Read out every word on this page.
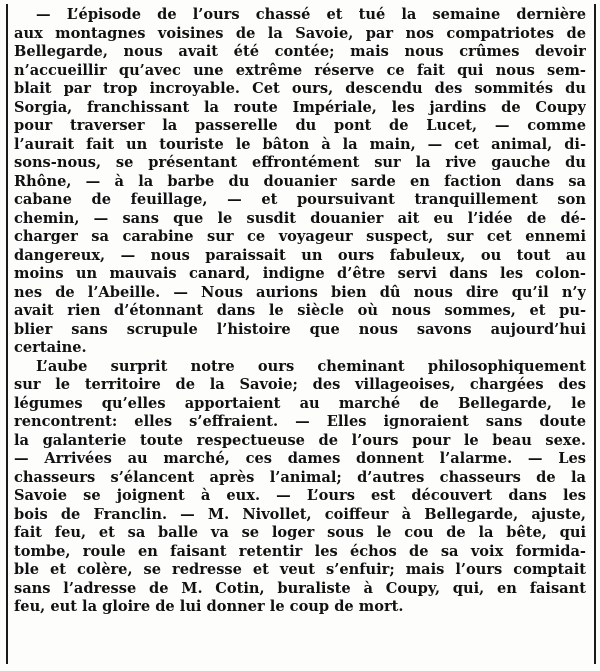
— L’épisode de l’ours chassé et tué la semaine dernière
aux montagnes voisines de la Savoie, par nos compatriotes de
Bellegarde, nous avait été contée; mais nous crûmes devoir
n’accueillir qu’avec une extrême réserve ce fait qui nous sem-
blait par trop incroyable. Cet ours, descendu des sommités du
Sorgia, franchissant la route Impériale, les jardins de Coupy
pour traverser la passerelle du pont de Lucet, — comme
l’aurait fait un touriste le bâton à la main, — cet animal, di-
sons-nous, se présentant effrontément sur la rive gauche du
Rhône, — à la barbe du douanier sarde en faction dans sa
cabane de feuillage, — et poursuivant tranquillement son
chemin, — sans que le susdit douanier ait eu l’idée de dé-
charger sa carabine sur ce voyageur suspect, sur cet ennemi
dangereux, — nous paraissait un ours fabuleux, ou tout au
moins un mauvais canard, indigne d’être servi dans les colon-
nes de l’Abeille. — Nous aurions bien dû nous dire qu’il n’y
avait rien d’étonnant dans le siècle où nous sommes, et pu-
blier sans scrupule l’histoire que nous savons aujourd’hui
certaine.
L’aube surprit notre ours cheminant philosophiquement
sur le territoire de la Savoie; des villageoises, chargées des
légumes qu’elles apportaient au marché de Bellegarde, le
rencontrent: elles s’effraient. — Elles ignoraient sans doute
la galanterie toute respectueuse de l’ours pour le beau sexe.
— Arrivées au marché, ces dames donnent l’alarme. — Les
chasseurs s’élancent après l’animal; d’autres chasseurs de la
Savoie se joignent à eux. — L’ours est découvert dans les
bois de Franclin. — M. Nivollet, coiffeur à Bellegarde, ajuste,
fait feu, et sa balle va se loger sous le cou de la bête, qui
tombe, roule en faisant retentir les échos de sa voix formida-
ble et colère, se redresse et veut s’enfuir; mais l’ours comptait
sans l’adresse de M. Cotin, buraliste à Coupy, qui, en faisant
feu, eut la gloire de lui donner le coup de mort.
